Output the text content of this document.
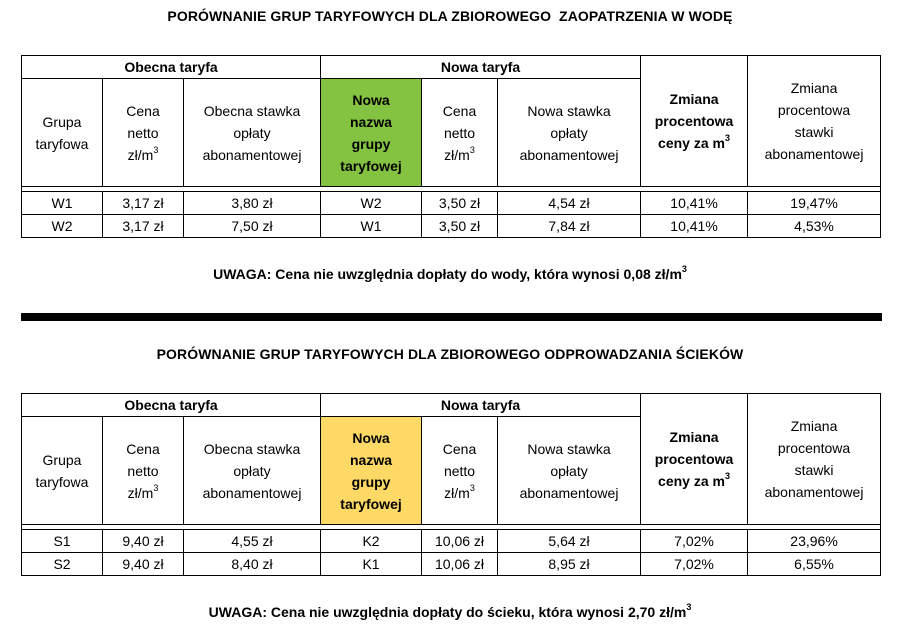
PORÓWNANIE GRUP TARYFOWYCH DLA ZBIOROWEGO  ZAOPATRZENIA W WODĘ
Obecna taryfa			Nowa taryfa			Zmiana
procentowa
ceny za $m^3$	Zmiana
procentowa
stawki
abonamentowej
Grupa
taryfowa	Cena
netto
$zł/m^3$	Obecna stawka
opłaty
abonamentowej	Nowa
nazwa
grupy
taryfowej	Cena
netto
$zł/m^3$	Nowa stawka
opłaty
abonamentowej		

W1	3,17 zł	3,80 zł	W2	3,50 zł	4,54 zł	10,41%	19,47%
W2	3,17 zł	7,50 zł	W1	3,50 zł	7,84 zł	10,41%	4,53%
UWAGA: Cena nie uwzględnia dopłaty do wody, która wynosi 0,08 $zł/m^3$
PORÓWNANIE GRUP TARYFOWYCH DLA ZBIOROWEGO ODPROWADZANIA ŚCIEKÓW
Obecna taryfa			Nowa taryfa			Zmiana
procentowa
ceny za $m^3$	Zmiana
procentowa
stawki
abonamentowej
Grupa
taryfowa	Cena
netto
$zł/m^3$	Obecna stawka
opłaty
abonamentowej	Nowa
nazwa
grupy
taryfowej	Cena
netto
$zł/m^3$	Nowa stawka
opłaty
abonamentowej		

S1	9,40 zł	4,55 zł	K2	10,06 zł	5,64 zł	7,02%	23,96%
S2	9,40 zł	8,40 zł	K1	10,06 zł	8,95 zł	7,02%	6,55%
UWAGA: Cena nie uwzględnia dopłaty do ścieku, która wynosi 2,70 $zł/m^3$
